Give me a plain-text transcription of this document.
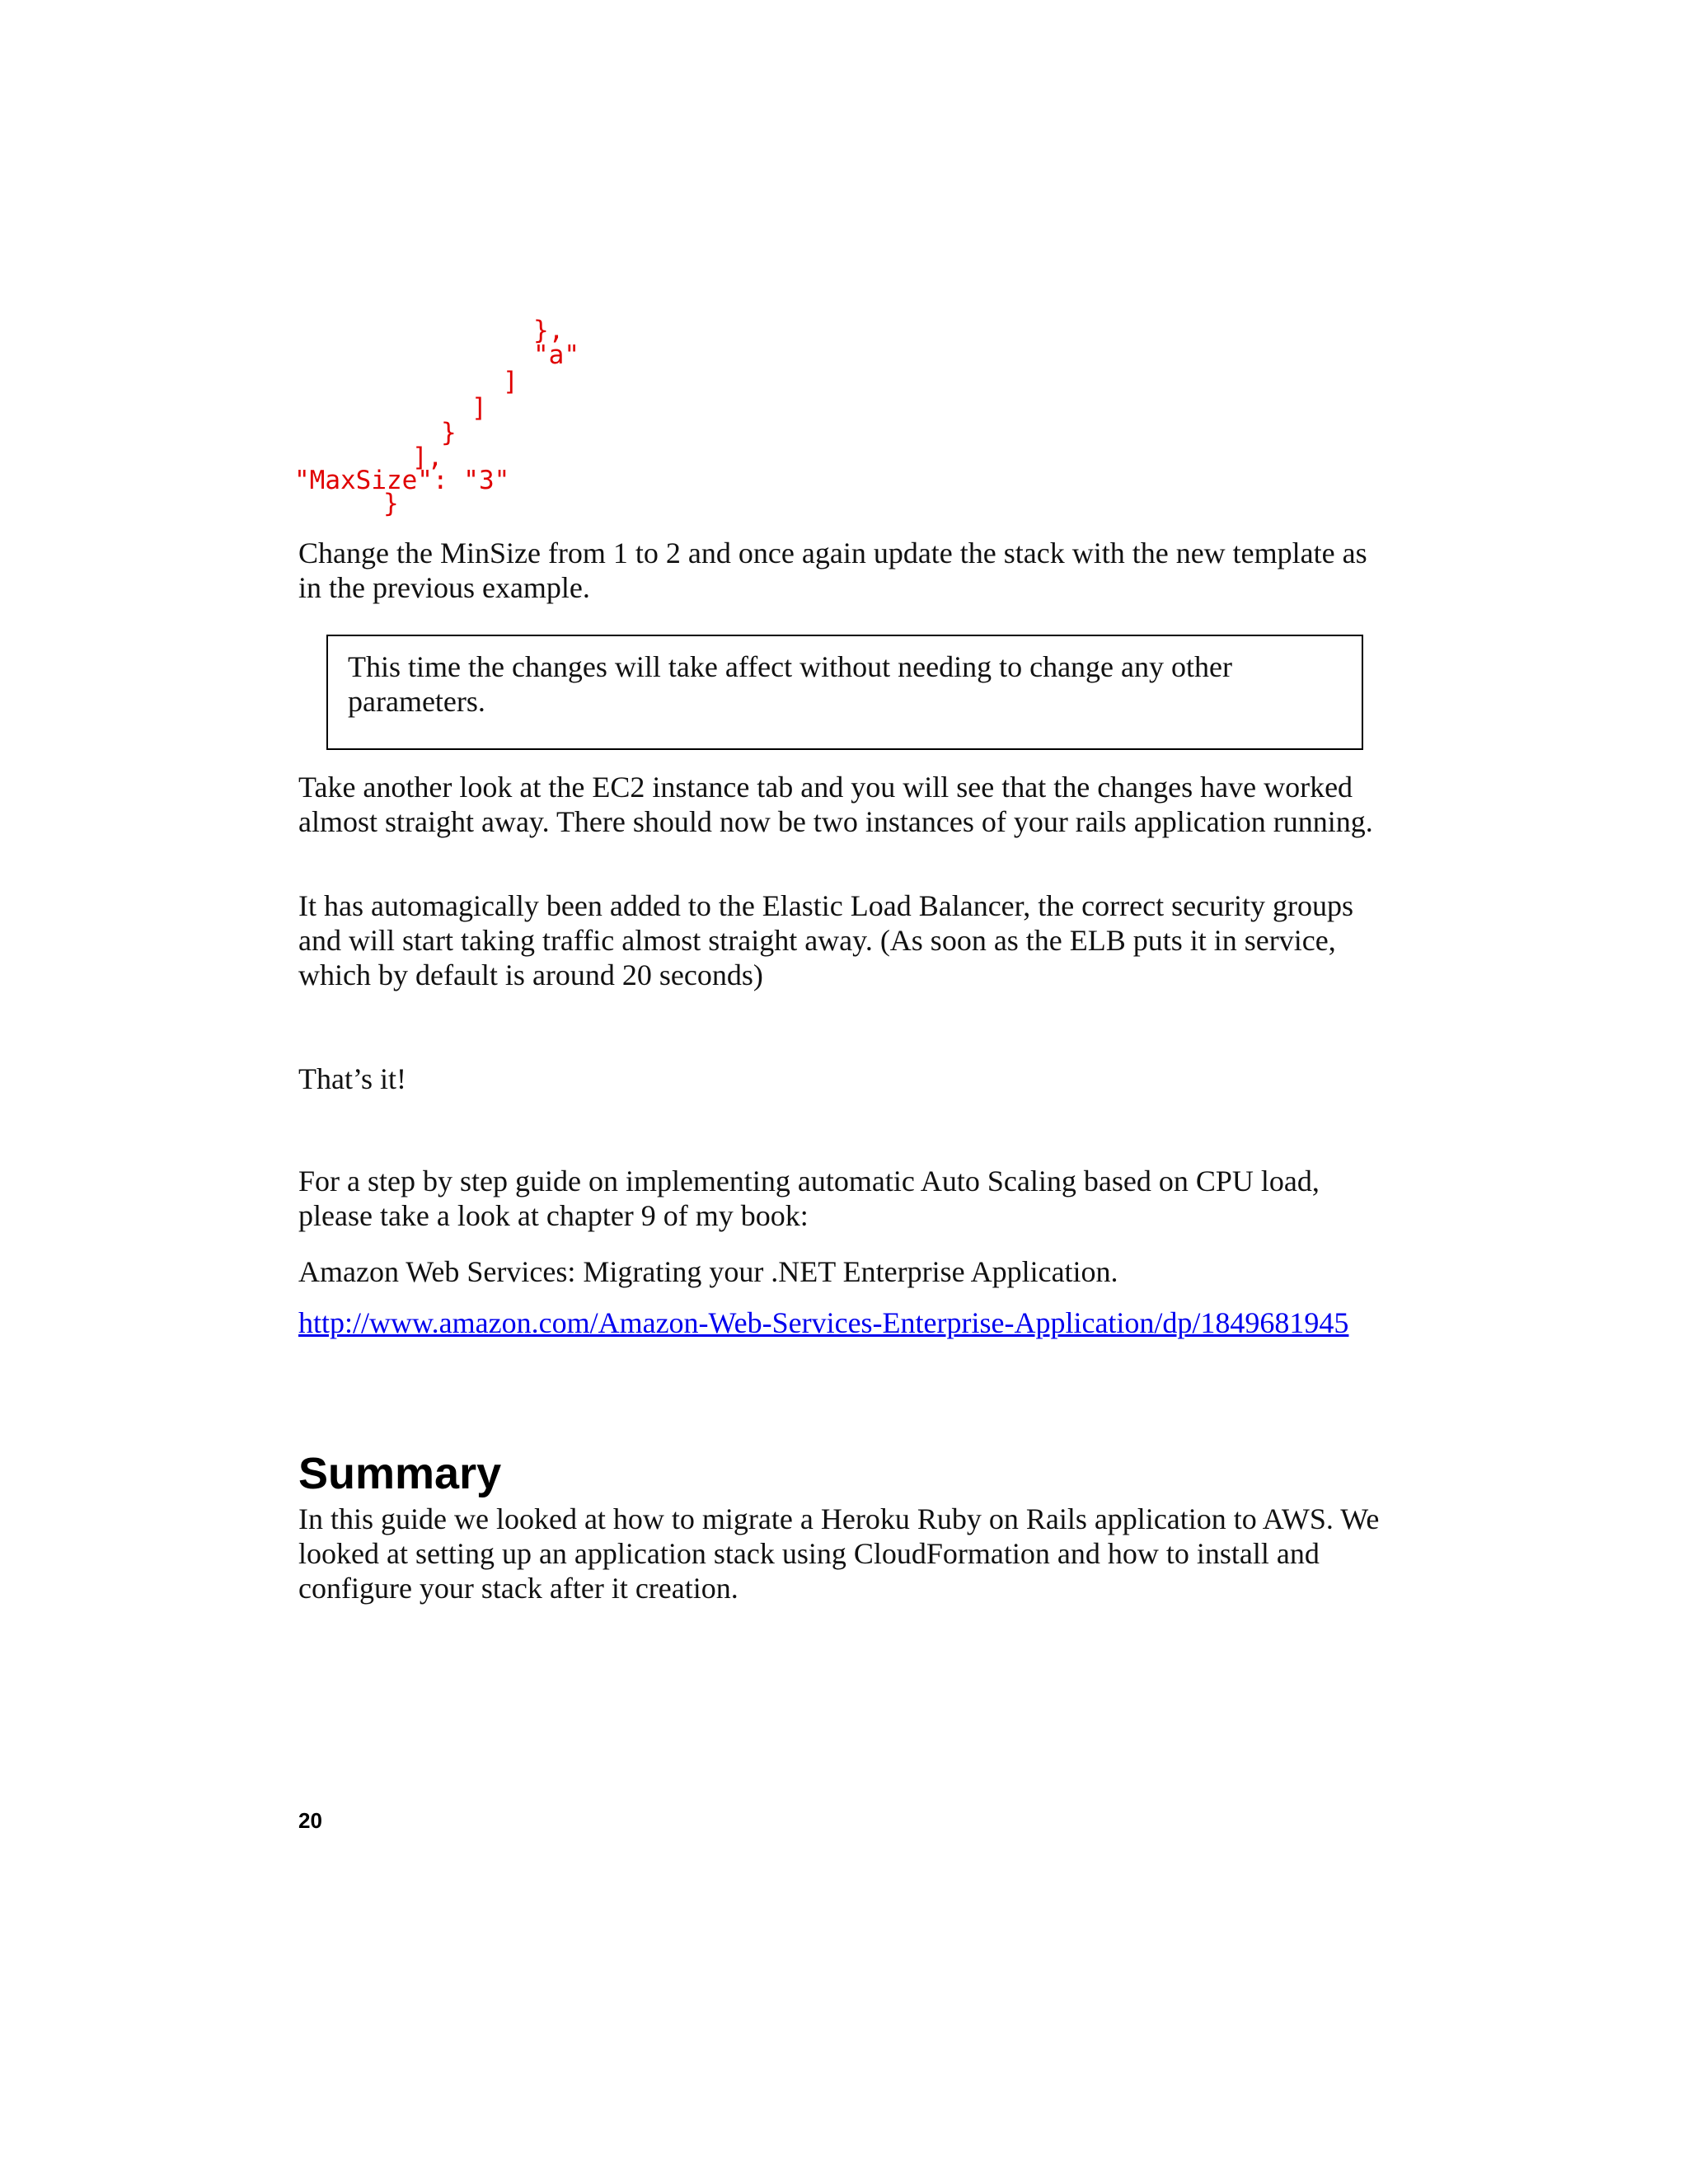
},
"a"
]
]
}
],
"MaxSize": "3"
}

Change the MinSize from 1 to 2 and once again update the stack with the new template as in the previous example.

This time the changes will take affect without needing to change any other parameters.

Take another look at the EC2 instance tab and you will see that the changes have worked almost straight away. There should now be two instances of your rails application running.

It has automagically been added to the Elastic Load Balancer, the correct security groups and will start taking traffic almost straight away. (As soon as the ELB puts it in service, which by default is around 20 seconds)

That’s it!

For a step by step guide on implementing automatic Auto Scaling based on CPU load, please take a look at chapter 9 of my book:

Amazon Web Services: Migrating your .NET Enterprise Application.

http://www.amazon.com/Amazon-Web-Services-Enterprise-Application/dp/1849681945
Summary

In this guide we looked at how to migrate a Heroku Ruby on Rails application to AWS. We looked at setting up an application stack using CloudFormation and how to install and configure your stack after it creation.

20
